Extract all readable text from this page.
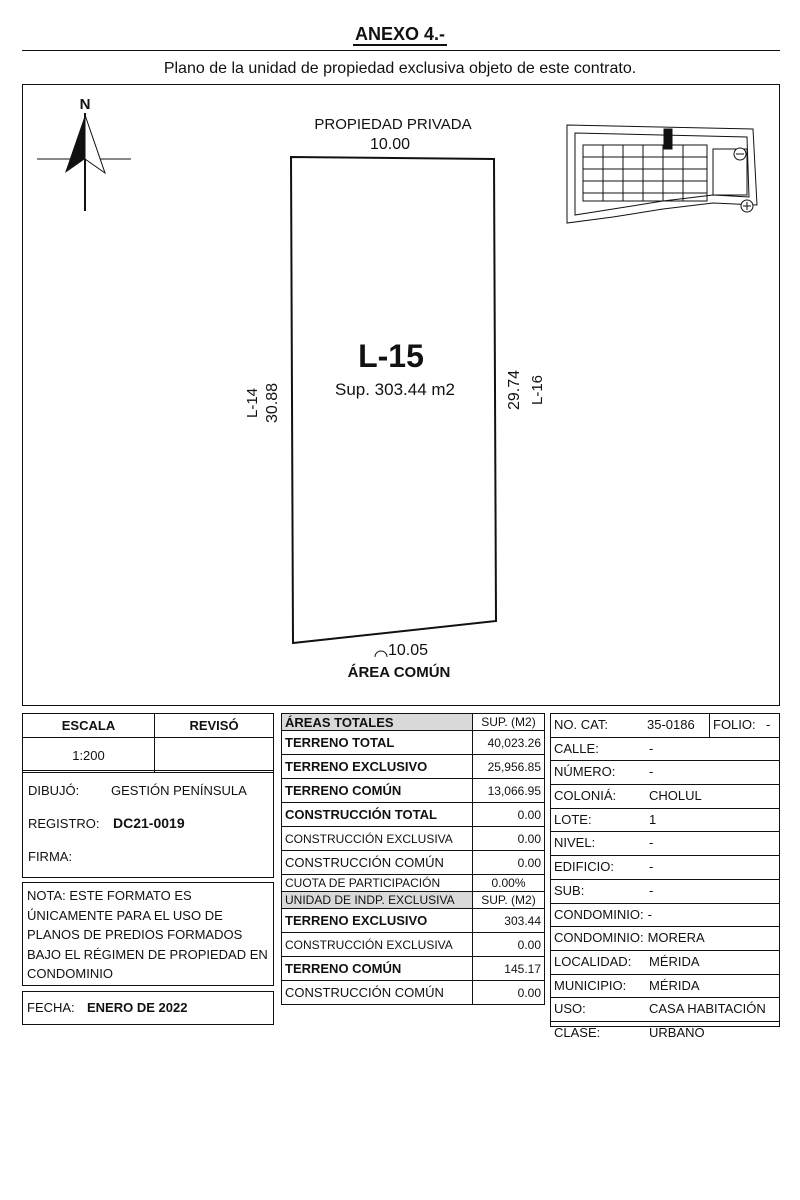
ANEXO 4.-
Plano de la unidad de propiedad exclusiva objeto de este contrato.
N
PROPIEDAD PRIVADA
10.00
L-15
Sup. 303.44 m2
L-14 30.88	29.74 L-16
10.05
ÁREA COMÚN
ESCALA	REVISÓ
1:200	
DIBUJÓ: GESTIÓN PENÍNSULA
REGISTRO: DC21-0019
FIRMA:
NOTA: ESTE FORMATO ES ÚNICAMENTE PARA EL USO DE PLANOS DE PREDIOS FORMADOS BAJO EL RÉGIMEN DE PROPIEDAD EN CONDOMINIO
FECHA: ENERO DE 2022
ÁREAS TOTALES	SUP. (M2)
TERRENO TOTAL	40,023.26
TERRENO EXCLUSIVO	25,956.85
TERRENO COMÚN	13,066.95
CONSTRUCCIÓN TOTAL	0.00
CONSTRUCCIÓN EXCLUSIVA	0.00
CONSTRUCCIÓN COMÚN	0.00
CUOTA DE PARTICIPACIÓN	0.00%
UNIDAD DE INDP. EXCLUSIVA	SUP. (M2)
TERRENO EXCLUSIVO	303.44
CONSTRUCCIÓN EXCLUSIVA	0.00
TERRENO COMÚN	145.17
CONSTRUCCIÓN COMÚN	0.00
NO. CAT:	35-0186	FOLIO: -
CALLE:	-
NÚMERO:	-
COLONIÁ:	CHOLUL
LOTE:	1
NIVEL:	-
EDIFICIO:	-
SUB:	-
CONDOMINIO: -
CONDOMINIO: MORERA
LOCALIDAD: MÉRIDA
MUNICIPIO: MÉRIDA
USO:	CASA HABITACIÓN
CLASE:	URBANO
